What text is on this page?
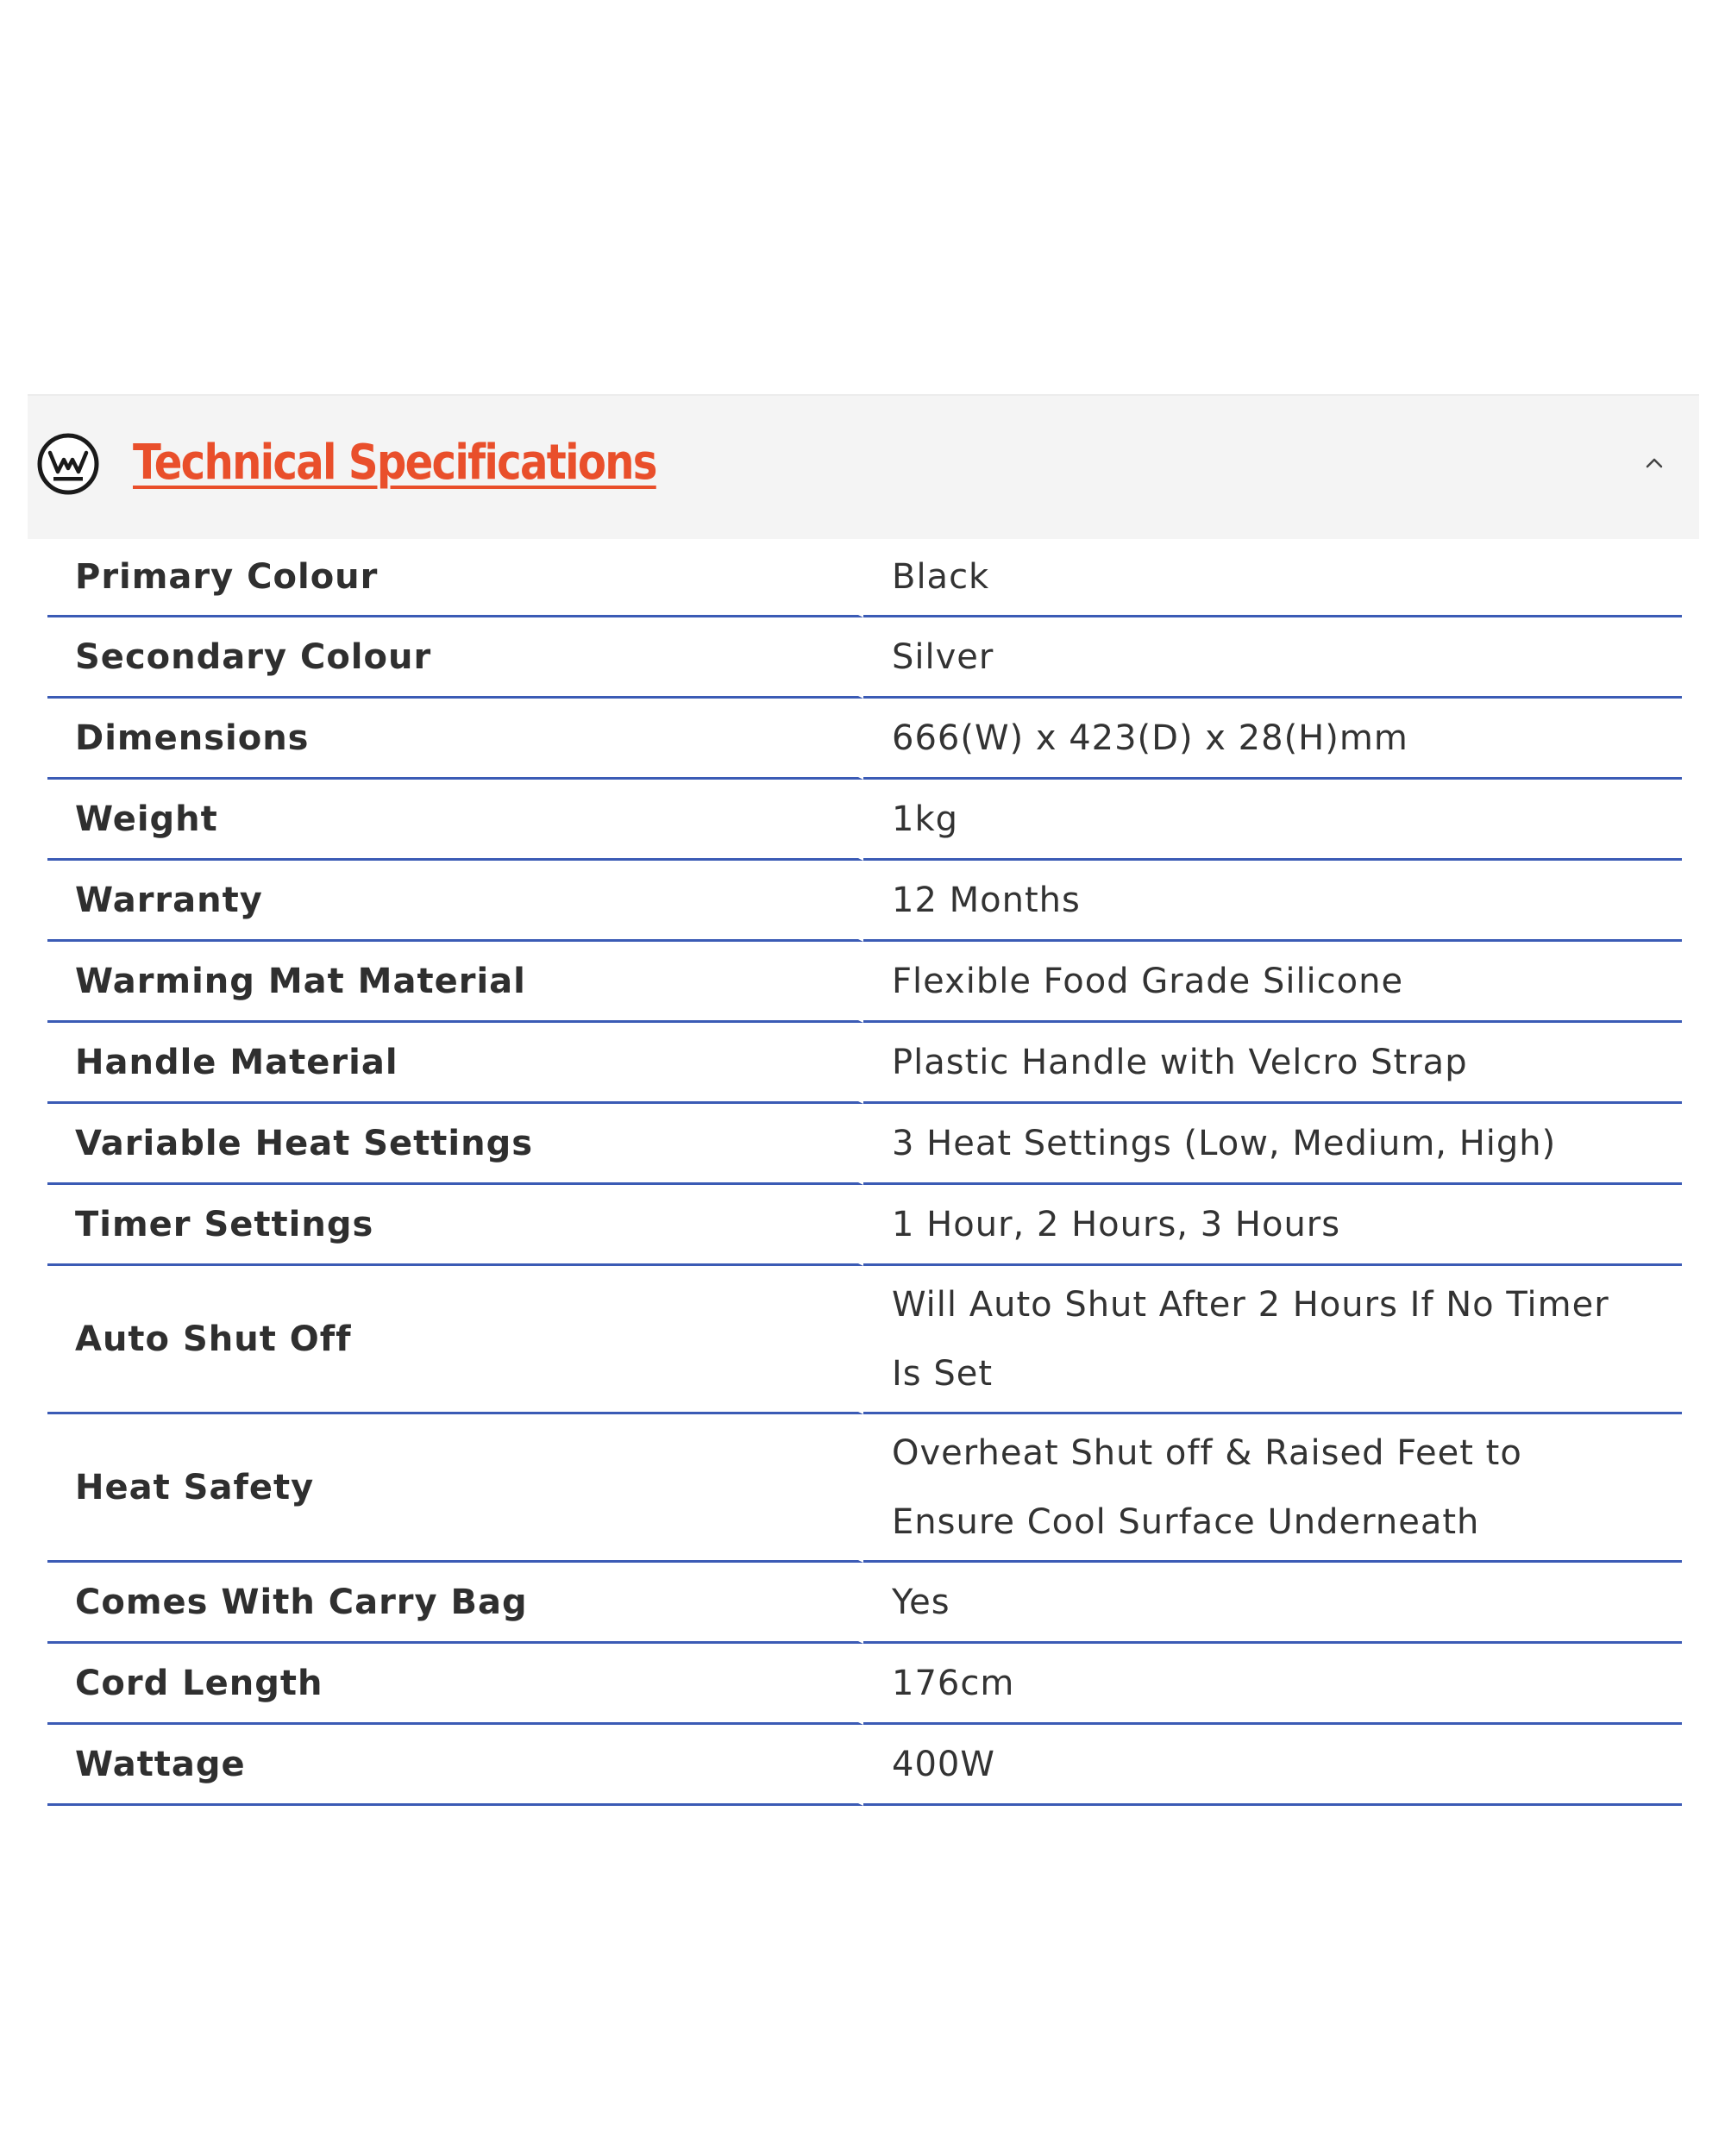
Technical Specifications
Primary Colour	Black
Secondary Colour	Silver
Dimensions	666(W) x 423(D) x 28(H)mm
Weight	1kg
Warranty	12 Months
Warming Mat Material	Flexible Food Grade Silicone
Handle Material	Plastic Handle with Velcro Strap
Variable Heat Settings	3 Heat Settings (Low, Medium, High)
Timer Settings	1 Hour, 2 Hours, 3 Hours
Auto Shut Off	Will Auto Shut After 2 Hours If No Timer Is Set
Heat Safety	Overheat Shut off & Raised Feet to Ensure Cool Surface Underneath
Comes With Carry Bag	Yes
Cord Length	176cm
Wattage	400W
